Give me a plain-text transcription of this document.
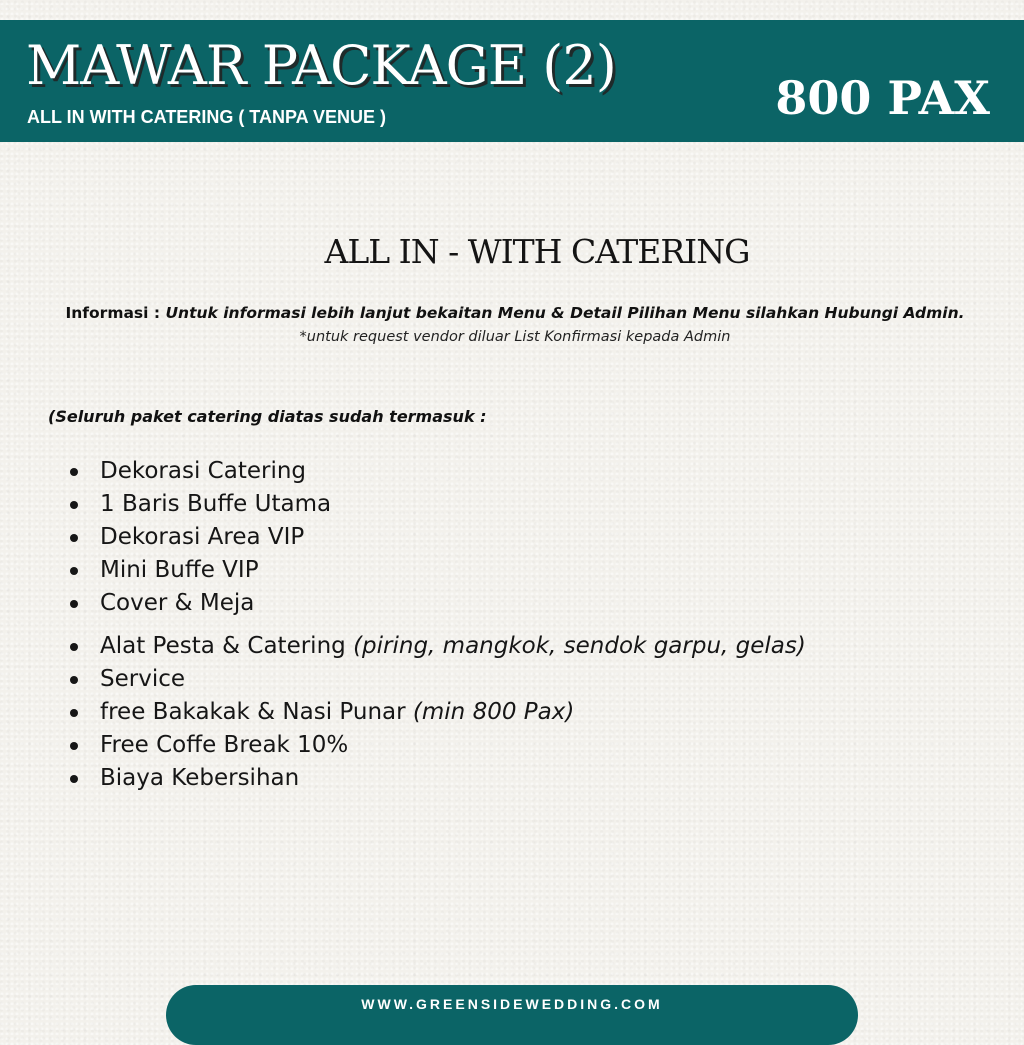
MAWAR PACKAGE (2)
ALL IN WITH CATERING ( TANPA VENUE )	800 PAX
ALL IN - WITH CATERING
Informasi : Untuk informasi lebih lanjut bekaitan Menu & Detail Pilihan Menu silahkan Hubungi Admin.
*untuk request vendor diluar List Konfirmasi kepada Admin
(Seluruh paket catering diatas sudah termasuk :
Dekorasi Catering
1 Baris Buffe Utama
Dekorasi Area VIP
Mini Buffe VIP
Cover & Meja
Alat Pesta & Catering (piring, mangkok, sendok garpu, gelas)
Service
free Bakakak & Nasi Punar (min 800 Pax)
Free Coffe Break 10%
Biaya Kebersihan
WWW.GREENSIDEWEDDING.COM
